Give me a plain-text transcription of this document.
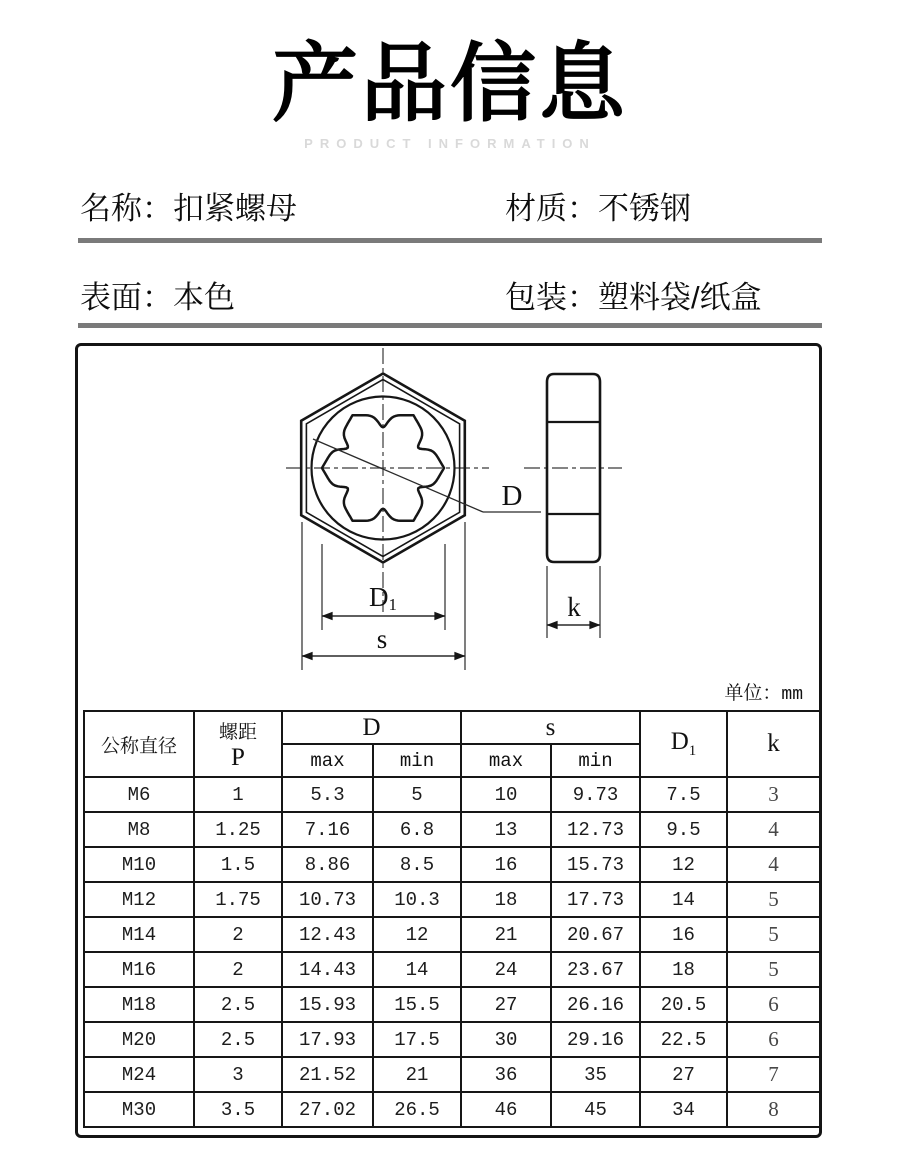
产品信息
PRODUCT INFORMATION
名称：扣紧螺母	材质：不锈钢
表面：本色	包装：塑料袋/纸盒
D
D1
s
k
单位：mm
公称直径	螺距
P	D		s		$D_1$	k
		max	min	max	min		
M6	1	5.3	5	10	9.73	7.5	3
M8	1.25	7.16	6.8	13	12.73	9.5	4
M10	1.5	8.86	8.5	16	15.73	12	4
M12	1.75	10.73	10.3	18	17.73	14	5
M14	2	12.43	12	21	20.67	16	5
M16	2	14.43	14	24	23.67	18	5
M18	2.5	15.93	15.5	27	26.16	20.5	6
M20	2.5	17.93	17.5	30	29.16	22.5	6
M24	3	21.52	21	36	35	27	7
M30	3.5	27.02	26.5	46	45	34	8
